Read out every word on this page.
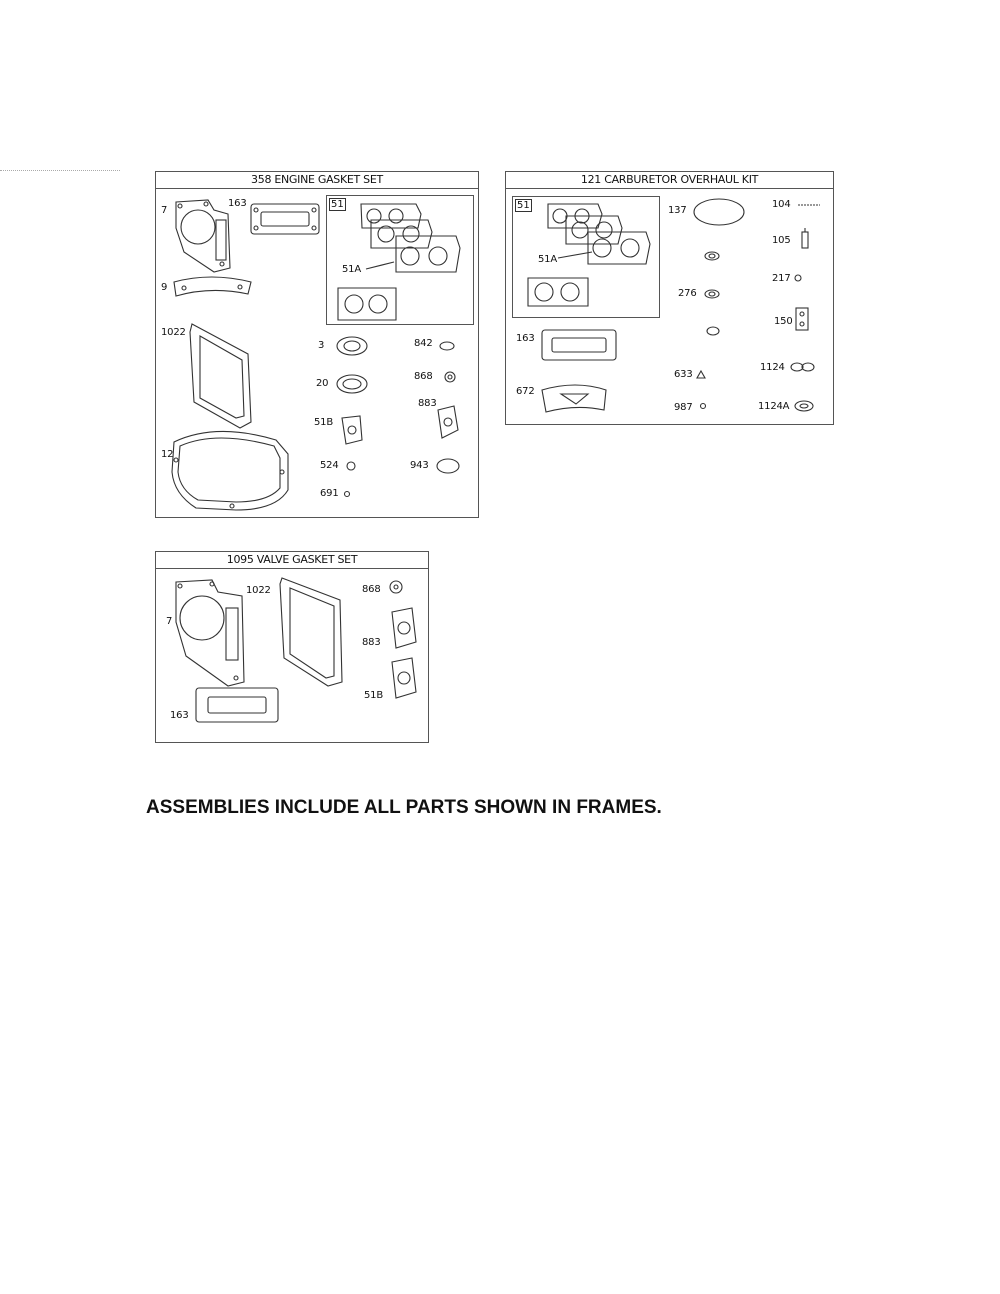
358 ENGINE GASKET SET
51
7
163
9
1022
12
51A
3	842
20
868
51B
883
524	943
691
121 CARBURETOR OVERHAUL KIT
51
51A
137
104
105
217
276
150
163
1124
633
672
987	1124A
1095 VALVE GASKET SET
1022	868
7
883
51B
163
ASSEMBLIES INCLUDE ALL PARTS SHOWN IN FRAMES.
